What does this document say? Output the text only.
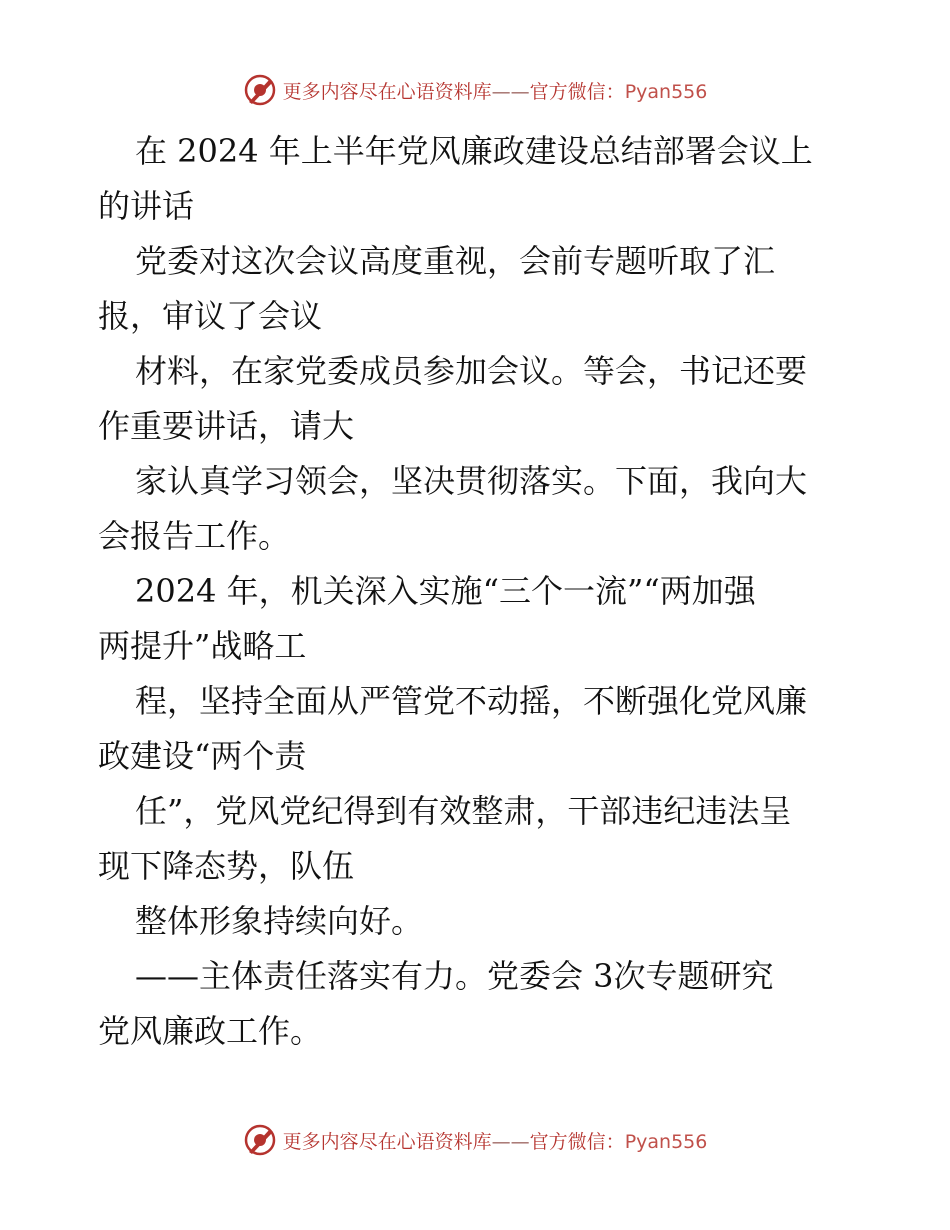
更多内容尽在心语资料库——官方微信：Pyan556
在 2024 年上半年党风廉政建设总结部署会议上
的讲话
党委对这次会议高度重视，会前专题听取了汇
报，审议了会议
材料，在家党委成员参加会议。等会，书记还要
作重要讲话，请大
家认真学习领会，坚决贯彻落实。下面，我向大
会报告工作。
2024 年，机关深入实施“三个一流”“两加强
两提升”战略工
程，坚持全面从严管党不动摇，不断强化党风廉
政建设“两个责
任”，党风党纪得到有效整肃，干部违纪违法呈
现下降态势，队伍
整体形象持续向好。
——主体责任落实有力。党委会 3次专题研究
党风廉政工作。
更多内容尽在心语资料库——官方微信：Pyan556
